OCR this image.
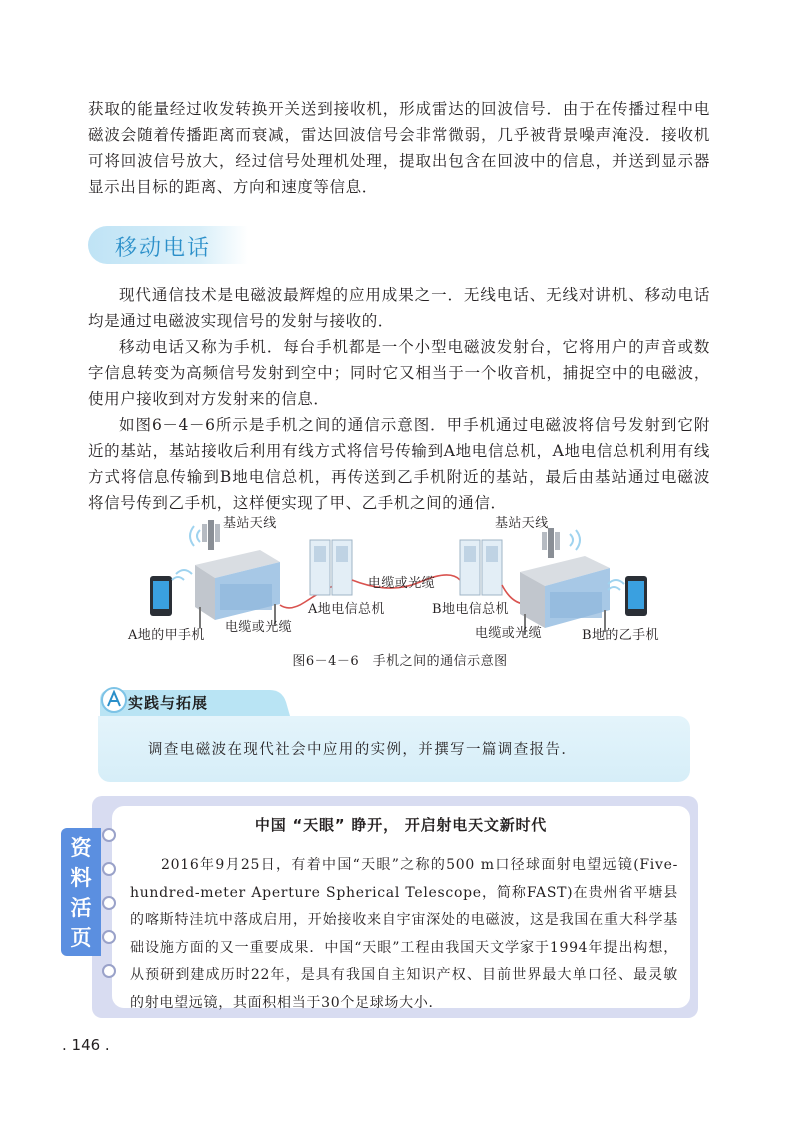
获取的能量经过收发转换开关送到接收机，形成雷达的回波信号．由于在传播过程中电磁波会随着传播距离而衰减，雷达回波信号会非常微弱，几乎被背景噪声淹没．接收机可将回波信号放大，经过信号处理机处理，提取出包含在回波中的信息，并送到显示器显示出目标的距离、方向和速度等信息．

移动电话

现代通信技术是电磁波最辉煌的应用成果之一．无线电话、无线对讲机、移动电话均是通过电磁波实现信号的发射与接收的．

移动电话又称为手机．每台手机都是一个小型电磁波发射台，它将用户的声音或数字信息转变为高频信号发射到空中；同时它又相当于一个收音机，捕捉空中的电磁波，使用户接收到对方发射来的信息．

如图6－4－6所示是手机之间的通信示意图．甲手机通过电磁波将信号发射到它附近的基站，基站接收后利用有线方式将信号传输到A地电信总机，A地电信总机利用有线方式将信息传输到B地电信总机，再传送到乙手机附近的基站，最后由基站通过电磁波将信号传到乙手机，这样便实现了甲、乙手机之间的通信．

基站天线	基站天线
A地的甲手机
电缆或光缆
A地电信总机
电缆或光缆
B地电信总机
电缆或光缆	B地的乙手机
图6－4－6　手机之间的通信示意图
实践与拓展
调查电磁波在现代社会中应用的实例，并撰写一篇调查报告．
资
料
活
页
中国 “天眼” 睁开， 开启射电天文新时代

2016年9月25日，有着中国“天眼”之称的500 m口径球面射电望远镜(Five-hundred-meter Aperture Spherical Telescope，简称FAST)在贵州省平塘县的喀斯特洼坑中落成启用，开始接收来自宇宙深处的电磁波，这是我国在重大科学基础设施方面的又一重要成果．中国“天眼”工程由我国天文学家于1994年提出构想，从预研到建成历时22年，是具有我国自主知识产权、目前世界最大单口径、最灵敏的射电望远镜，其面积相当于30个足球场大小．

. 146 .
